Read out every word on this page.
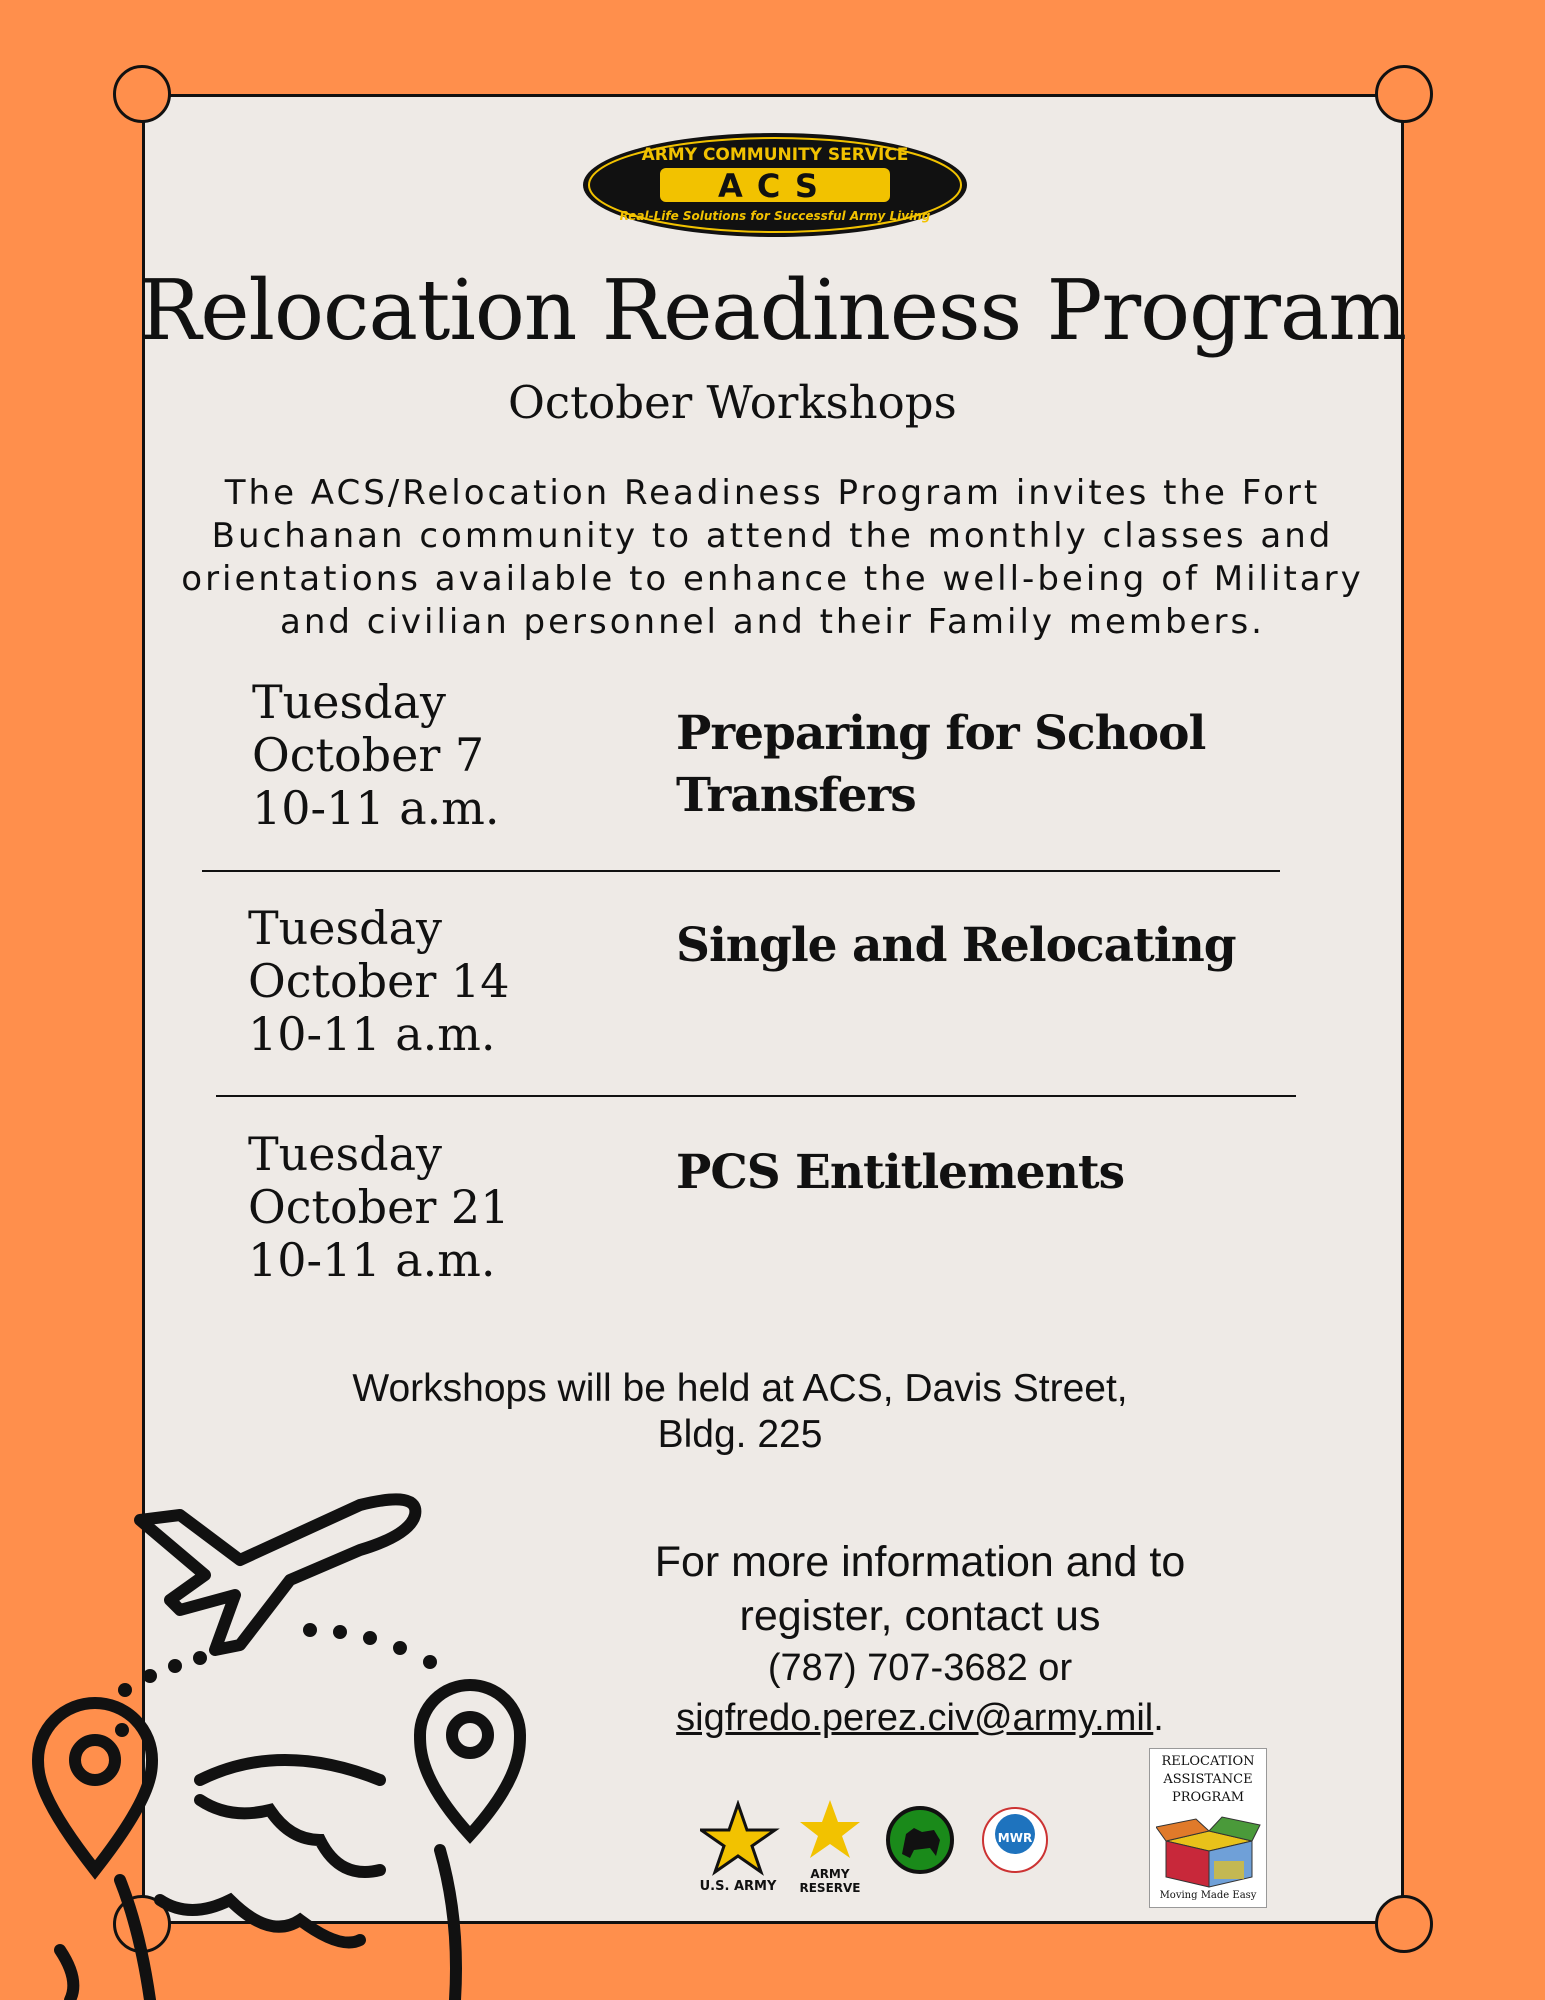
ARMY COMMUNITY SERVICE
ACS
Real-Life Solutions for Successful Army Living
Relocation Readiness Program
October Workshops
The ACS/Relocation Readiness Program invites the Fort Buchanan community to attend the monthly classes and orientations available to enhance the well-being of Military and civilian personnel and their Family members.
Tuesday
October 7
10-11 a.m.
Preparing for School
Transfers
Tuesday
October 14
10-11 a.m.
Single and Relocating
Tuesday
October 21
10-11 a.m.
PCS Entitlements
Workshops will be held at ACS, Davis Street,
Bldg. 225
For more information and to
register, contact us
(787) 707-3682 or
sigfredo.perez.civ@army.mil.
U.S. ARMY
ARMY
RESERVE
MWR
RELOCATION
ASSISTANCE
PROGRAM
Moving Made Easy
